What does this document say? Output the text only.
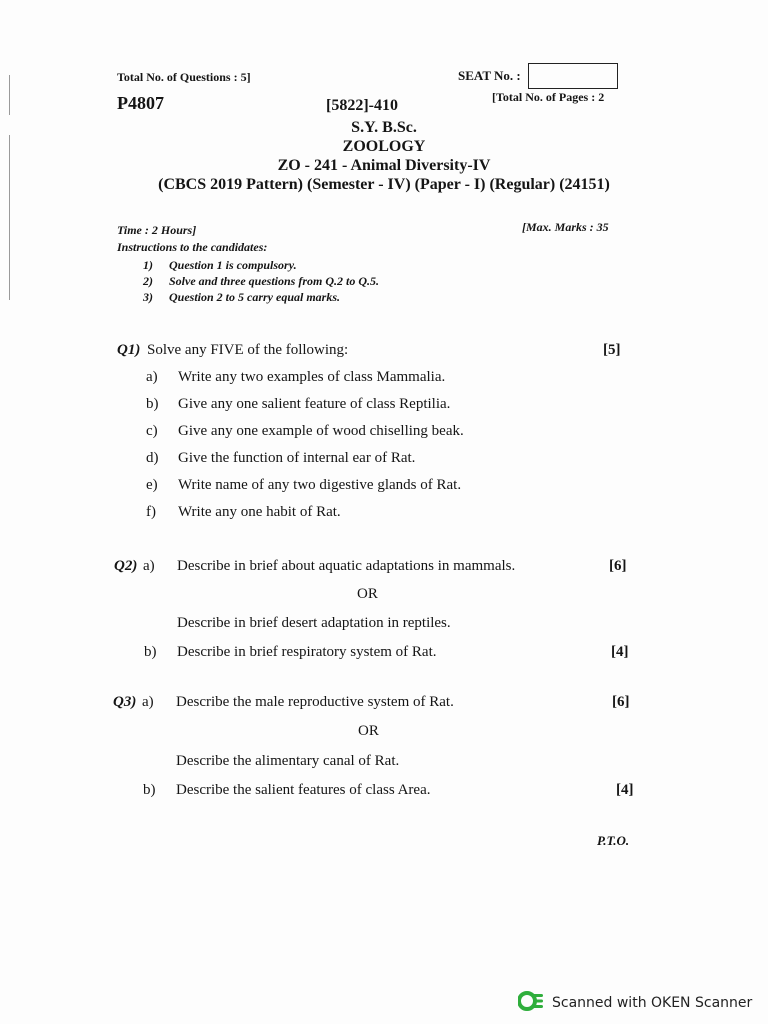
Total No. of Questions : 5]	SEAT No. :
P4807	[Total No. of Pages : 2
[5822]-410
S.Y. B.Sc.
ZOOLOGY
ZO - 241 - Animal Diversity-IV
(CBCS 2019 Pattern) (Semester - IV) (Paper - I) (Regular) (24151)
Time : 2 Hours]	[Max. Marks : 35
Instructions to the candidates:
1) Question 1 is compulsory.
2) Solve and three questions from Q.2 to Q.5.
3) Question 2 to 5 carry equal marks.
Q1) Solve any FIVE of the following:	[5]
a) Write any two examples of class Mammalia.
b) Give any one salient feature of class Reptilia.
c) Give any one example of wood chiselling beak.
d) Give the function of internal ear of Rat.
e) Write name of any two digestive glands of Rat.
f) Write any one habit of Rat.
Q2) a) Describe in brief about aquatic adaptations in mammals.	[6]
OR
Describe in brief desert adaptation in reptiles.
b) Describe in brief respiratory system of Rat.	[4]
Q3) a) Describe the male reproductive system of Rat.	[6]
OR
Describe the alimentary canal of Rat.
b) Describe the salient features of class Area.	[4]
P.T.O.
Scanned with OKEN Scanner
